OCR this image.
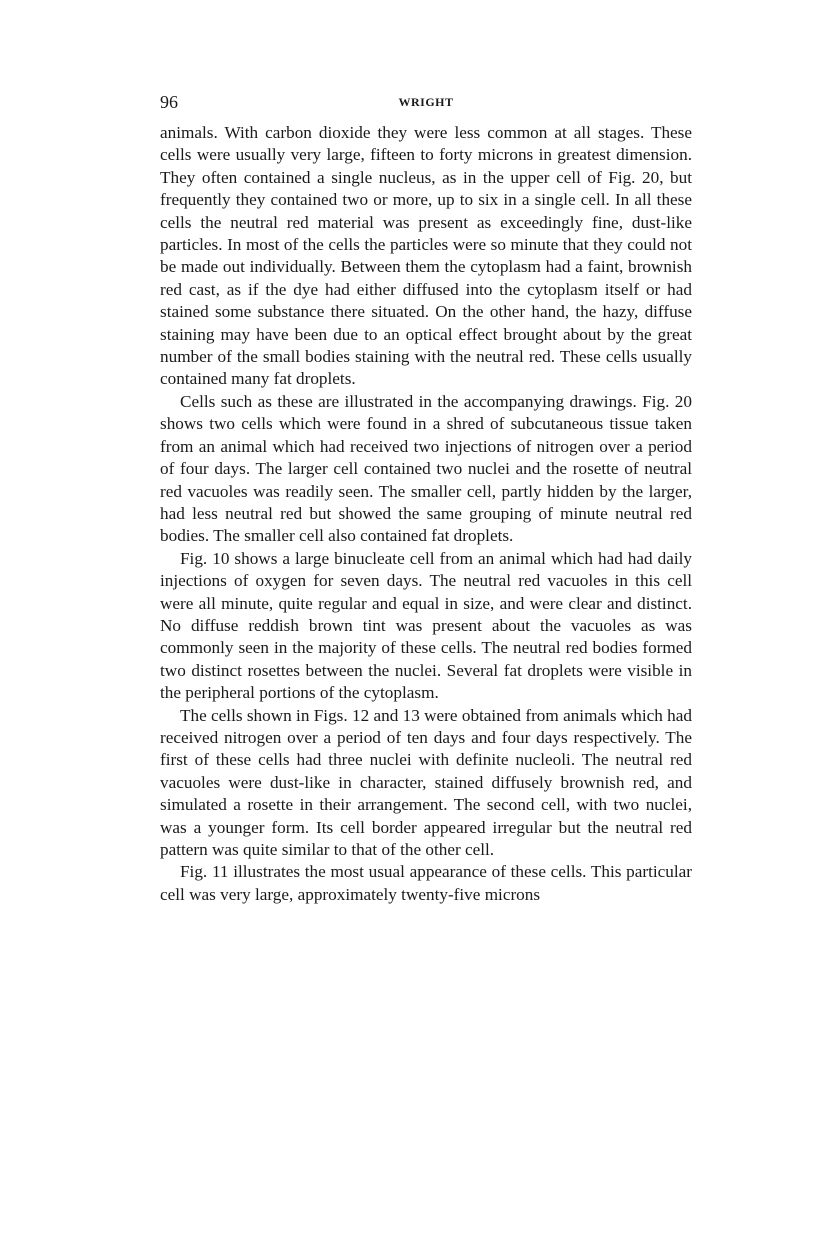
96	WRIGHT

animals. With carbon dioxide they were less common at all stages. These cells were usually very large, fifteen to forty microns in greatest dimension. They often contained a single nucleus, as in the upper cell of Fig. 20, but frequently they contained two or more, up to six in a single cell. In all these cells the neutral red material was present as exceedingly fine, dust-like particles. In most of the cells the particles were so minute that they could not be made out individually. Between them the cytoplasm had a faint, brownish red cast, as if the dye had either diffused into the cytoplasm itself or had stained some substance there situated. On the other hand, the hazy, diffuse staining may have been due to an optical effect brought about by the great number of the small bodies staining with the neutral red. These cells usually contained many fat droplets.

Cells such as these are illustrated in the accompanying drawings. Fig. 20 shows two cells which were found in a shred of subcutaneous tissue taken from an animal which had received two injections of nitrogen over a period of four days. The larger cell contained two nuclei and the rosette of neutral red vacuoles was readily seen. The smaller cell, partly hidden by the larger, had less neutral red but showed the same grouping of minute neutral red bodies. The smaller cell also contained fat droplets.

Fig. 10 shows a large binucleate cell from an animal which had had daily injections of oxygen for seven days. The neutral red vacuoles in this cell were all minute, quite regular and equal in size, and were clear and distinct. No diffuse reddish brown tint was present about the vacuoles as was commonly seen in the majority of these cells. The neutral red bodies formed two distinct rosettes between the nuclei. Several fat droplets were visible in the peripheral portions of the cytoplasm.

The cells shown in Figs. 12 and 13 were obtained from animals which had received nitrogen over a period of ten days and four days respectively. The first of these cells had three nuclei with definite nucleoli. The neutral red vacuoles were dust-like in character, stained diffusely brownish red, and simulated a rosette in their arrangement. The second cell, with two nuclei, was a younger form. Its cell border appeared irregular but the neutral red pattern was quite similar to that of the other cell.

Fig. 11 illustrates the most usual appearance of these cells. This particular cell was very large, approximately twenty-five microns
